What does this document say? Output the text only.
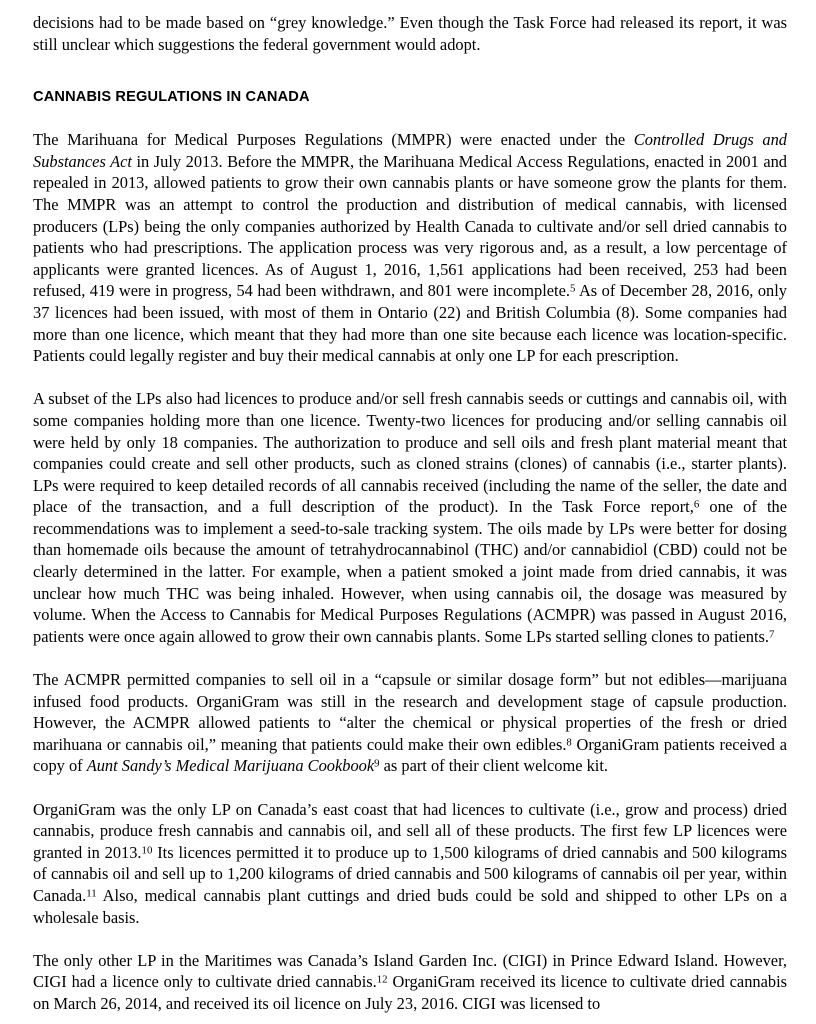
decisions had to be made based on “grey knowledge.” Even though the Task Force had released its report, it was still unclear which suggestions the federal government would adopt.

CANNABIS REGULATIONS IN CANADA

The Marihuana for Medical Purposes Regulations (MMPR) were enacted under the Controlled Drugs and Substances Act in July 2013. Before the MMPR, the Marihuana Medical Access Regulations, enacted in 2001 and repealed in 2013, allowed patients to grow their own cannabis plants or have someone grow the plants for them. The MMPR was an attempt to control the production and distribution of medical cannabis, with licensed producers (LPs) being the only companies authorized by Health Canada to cultivate and/or sell dried cannabis to patients who had prescriptions. The application process was very rigorous and, as a result, a low percentage of applicants were granted licences. As of August 1, 2016, 1,561 applications had been received, 253 had been refused, 419 were in progress, 54 had been withdrawn, and 801 were incomplete.$^5$ As of December 28, 2016, only 37 licences had been issued, with most of them in Ontario (22) and British Columbia (8). Some companies had more than one licence, which meant that they had more than one site because each licence was location-specific. Patients could legally register and buy their medical cannabis at only one LP for each prescription.

A subset of the LPs also had licences to produce and/or sell fresh cannabis seeds or cuttings and cannabis oil, with some companies holding more than one licence. Twenty-two licences for producing and/or selling cannabis oil were held by only 18 companies. The authorization to produce and sell oils and fresh plant material meant that companies could create and sell other products, such as cloned strains (clones) of cannabis (i.e., starter plants). LPs were required to keep detailed records of all cannabis received (including the name of the seller, the date and place of the transaction, and a full description of the product). In the Task Force report,$^6$ one of the recommendations was to implement a seed-to-sale tracking system. The oils made by LPs were better for dosing than homemade oils because the amount of tetrahydrocannabinol (THC) and/or cannabidiol (CBD) could not be clearly determined in the latter. For example, when a patient smoked a joint made from dried cannabis, it was unclear how much THC was being inhaled. However, when using cannabis oil, the dosage was measured by volume. When the Access to Cannabis for Medical Purposes Regulations (ACMPR) was passed in August 2016, patients were once again allowed to grow their own cannabis plants. Some LPs started selling clones to patients.$^7$

The ACMPR permitted companies to sell oil in a “capsule or similar dosage form” but not edibles—marijuana infused food products. OrganiGram was still in the research and development stage of capsule production. However, the ACMPR allowed patients to “alter the chemical or physical properties of the fresh or dried marihuana or cannabis oil,” meaning that patients could make their own edibles.$^8$ OrganiGram patients received a copy of Aunt Sandy’s Medical Marijuana Cookbook$^9$ as part of their client welcome kit.

OrganiGram was the only LP on Canada’s east coast that had licences to cultivate (i.e., grow and process) dried cannabis, produce fresh cannabis and cannabis oil, and sell all of these products. The first few LP licences were granted in 2013.10 Its licences permitted it to produce up to 1,500 kilograms of dried cannabis and 500 kilograms of cannabis oil and sell up to 1,200 kilograms of dried cannabis and 500 kilograms of cannabis oil per year, within Canada.$^{11}$ Also, medical cannabis plant cuttings and dried buds could be sold and shipped to other LPs on a wholesale basis.

The only other LP in the Maritimes was Canada’s Island Garden Inc. (CIGI) in Prince Edward Island. However, CIGI had a licence only to cultivate dried cannabis.$^{12}$ OrganiGram received its licence to cultivate dried cannabis on March 26, 2014, and received its oil licence on July 23, 2016. CIGI was licensed to
